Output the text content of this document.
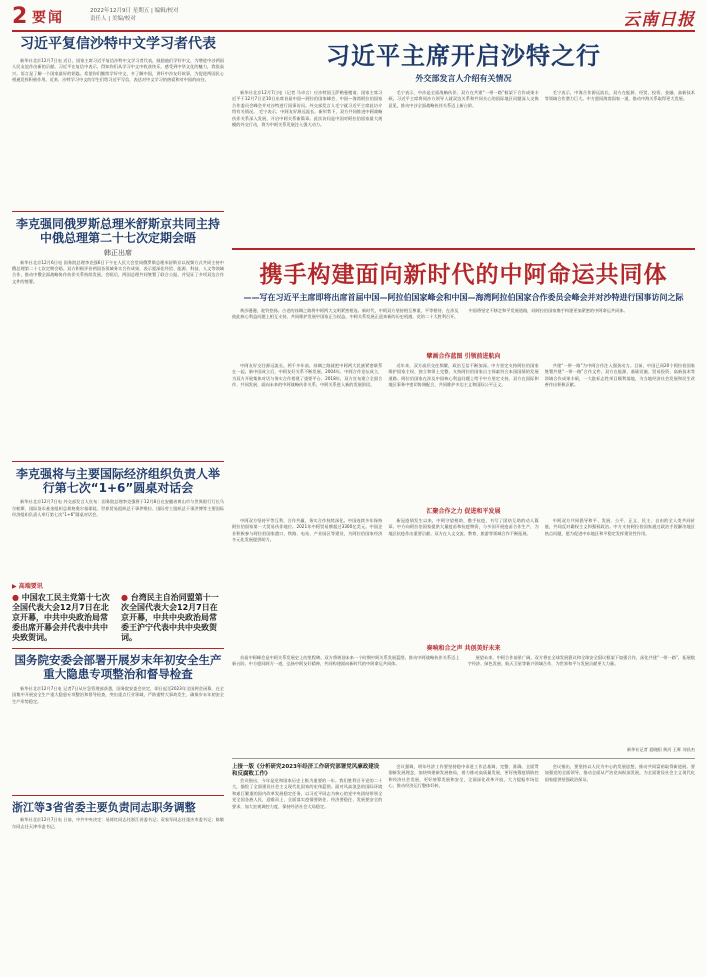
2 要闻	2022年12月9日 星期五 | 编辑/校对 责任人 | 美编/校对	云南日报
习近平复信沙特中文学习者代表
新华社北京12月7日电 近日，国家主席习近平复信沙特中文学习者代表，鼓励他们学好中文，为增进中沙两国人民友谊作出新的贡献。习近平在复信中表示，得知你们从学习中文中收获快乐，感受到中华文化的魅力，我很高兴。语言是了解一个国家最好的钥匙。希望你们继续学好中文，多了解中国，讲好中沙友好故事，为促进两国民心相通发挥积极作用。近来，沙特学习中文的学生们给习近平写信，表达对中文学习的热爱和对中国的向往。
李克强同俄罗斯总理米舒斯京共同主持中俄总理第二十七次定期会晤
韩正出席
新华社北京12月6日电 国务院总理李克强6日下午在人民大会堂同俄罗斯总理米舒斯京以视频方式共同主持中俄总理第二十七次定期会晤。双方积极评价两国各领域务实合作成果，表示愿深化经贸、能源、科技、人文等领域合作，推动中俄全面战略协作伙伴关系持续发展。会晤后，两国总理共同签署了联合公报，并见证了多项双边合作文件的签署。
李克强将与主要国际经济组织负责人举行第七次“1+6”圆桌对话会
新华社北京12月7日电 外交部发言人宣布：国务院总理李克强将于12月8日在安徽省黄山市与世界银行行长马尔帕斯、国际货币基金组织总裁格奥尔基耶娃、世界贸易组织总干事伊维拉、国际劳工组织总干事洪博等主要国际经济组织负责人举行第七次“1+6”圆桌对话会。
▶ 高端要讯
● 中国农工民主党第十七次全国代表大会12月7日在北京开幕，中共中央政治局常委出席开幕会并代表中共中央致贺词。
● 台湾民主自治同盟第十一次全国代表大会12月7日在京开幕，中共中央政治局常委王沪宁代表中共中央致贺词。
国务院安委会部署开展岁末年初安全生产重大隐患专项整治和督导检查
新华社北京12月7日电 记者7日从应急管理部获悉，国务院安委会决定，即日起至2023年全国两会闭幕，在全国集中开展安全生产重大隐患专项整治和督导检查，突出重点行业领域，严防重特大事故发生，确保岁末年初安全生产形势稳定。
浙江等3省省委主要负责同志职务调整
新华社北京12月7日电 日前，中共中央决定：易炼红同志任浙江省委书记；袁家军同志任重庆市委书记；陈敏尔同志任天津市委书记。
习近平主席开启沙特之行
外交部发言人介绍有关情况
新华社北京12月7日电（记者 马卓言）应沙特国王萨勒曼邀请，国家主席习近平于12月7日至10日出席首届中国—阿拉伯国家峰会、中国—海湾阿拉伯国家合作委员会峰会并对沙特进行国事访问。外交部发言人毛宁就习近平主席此访介绍有关情况。 毛宁表示，中阿友好源远流长。新形势下，双方共同推进中阿战略伙伴关系深入发展，开启中阿关系新篇章。此次访问是中国对阿拉伯国家最大规模的外交行动，将为中阿关系发展注入强大动力。
毛宁表示，中沙是全面战略伙伴，双方在共建“一带一路”框架下合作成果丰硕。习近平主席将同沙方领导人就双边关系和共同关心的国际地区问题深入交换意见，推动中沙全面战略伙伴关系迈上新台阶。
毛宁表示，中海合作源远流长，双方在能源、经贸、投资、金融、高新技术等领域合作潜力巨大。中方愿同海湾国家一道，推动中海关系取得更大发展。
携手构建面向新时代的中阿命运共同体
——写在习近平主席即将出席首届中国—阿拉伯国家峰会和中国—海湾阿拉伯国家合作委员会峰会并对沙特进行国事访问之际
黄沙漫漫，驼铃悠扬。古老的丝绸之路将中阿两大文明紧密相连。新时代，中阿双方坚持相互尊重、平等相待，在涉及彼此核心利益问题上相互支持，共同维护发展中国家正当权益。中阿关系发展正迎来新的历史机遇。党的二十大胜利召开，中国将坚定不移走和平发展道路，同阿拉伯国家携手构建更加紧密的中阿命运共同体。
擘画合作蓝图 引领前进航向
中阿友好交往源远流长。两千多年前，丝绸之路就把中阿两大民族紧密联系在一起。新中国成立后，中阿友好关系不断发展。2004年，中阿合作论坛成立，为双方开展集体对话与务实合作搭建了重要平台。2018年，双方宣布建立全面合作、共同发展、面向未来的中阿战略伙伴关系，中阿关系进入新的发展阶段。
近年来，双方高层交往频繁，政治互信不断加深。中方坚定支持阿拉伯国家维护国家主权、独立和领土完整，支持阿拉伯国家自主探索符合本国国情的发展道路。阿拉伯国家在涉及中国核心利益问题上给予中方坚定支持。双方在国际和地区事务中密切协调配合，共同维护多边主义和国际公平正义。
共建“一带一路”为中阿合作注入强劲动力。目前，中国已同20个阿拉伯国家签署共建“一带一路”合作文件。双方在能源、基础设施、贸易投资、高新技术等领域合作成果丰硕，一大批标志性项目顺利落地，为当地经济社会发展和民生改善作出积极贡献。
汇聚合作之力 促进和平发展
中阿双方坚持平等互利、合作共赢，务实合作持续深化。中国连续多年保持阿拉伯国家第一大贸易伙伴地位。2021年中阿贸易额超过3300亿美元。中国企业积极参与阿拉伯国家港口、铁路、电站、产业园区等建设，为阿拉伯国家经济多元化发展提供助力。
新冠疫情发生以来，中阿守望相助、携手抗疫，书写了团结互助的动人篇章。中方向阿拉伯国家提供大量疫苗和抗疫物资，与多国开展疫苗合作生产，为地区抗疫作出重要贡献。双方在人文交流、教育、旅游等领域合作不断拓展。
中阿双方共同倡导和平、发展、公平、正义、民主、自由的全人类共同价值，共同反对霸权主义和强权政治。中方支持阿拉伯国家通过政治手段解决地区热点问题，愿为促进中东地区和平稳定发挥建设性作用。
奏响和合之声 共创美好未来
首届中阿峰会是中阿关系发展史上的里程碑。双方将规划未来一个时期中阿关系发展蓝图，推动中阿战略伙伴关系迈上新台阶。中方愿同阿方一道，弘扬中阿友好精神，共同构建面向新时代的中阿命运共同体。
展望未来，中阿合作前景广阔。双方将在全球发展倡议和全球安全倡议框架下加强合作，深化共建“一带一路”，拓展数字经济、绿色发展、航天卫星等新兴领域合作，为世界和平与发展贡献更大力量。
新华社记者 聂晓阳 黄河 王晖 刘昌杰
上接一版《分析研究2023年经济工作研究部署党风廉政建设和反腐败工作》
会议指出，今年是党和国家历史上极为重要的一年。我们胜利召开党的二十大，描绘了全面建设社会主义现代化国家的宏伟蓝图。面对风高浪急的国际环境和艰巨繁重的国内改革发展稳定任务，以习近平同志为核心的党中央团结带领全党全国各族人民，迎难而上，全面落实疫情要防住、经济要稳住、发展要安全的要求，加大宏观调控力度，保持经济社会大局稳定。
会议强调，明年经济工作要坚持稳中求进工作总基调，完整、准确、全面贯彻新发展理念，加快构建新发展格局，着力推动高质量发展，更好统筹疫情防控和经济社会发展，更好统筹发展和安全，全面深化改革开放，大力提振市场信心，推动经济运行整体好转。
会议指出，要坚持以人民为中心的发展思想，推动共同富裕取得新进展。要加强党的全面领导，推动全面从严治党向纵深发展，为全面建设社会主义现代化国家提供坚强政治保证。
